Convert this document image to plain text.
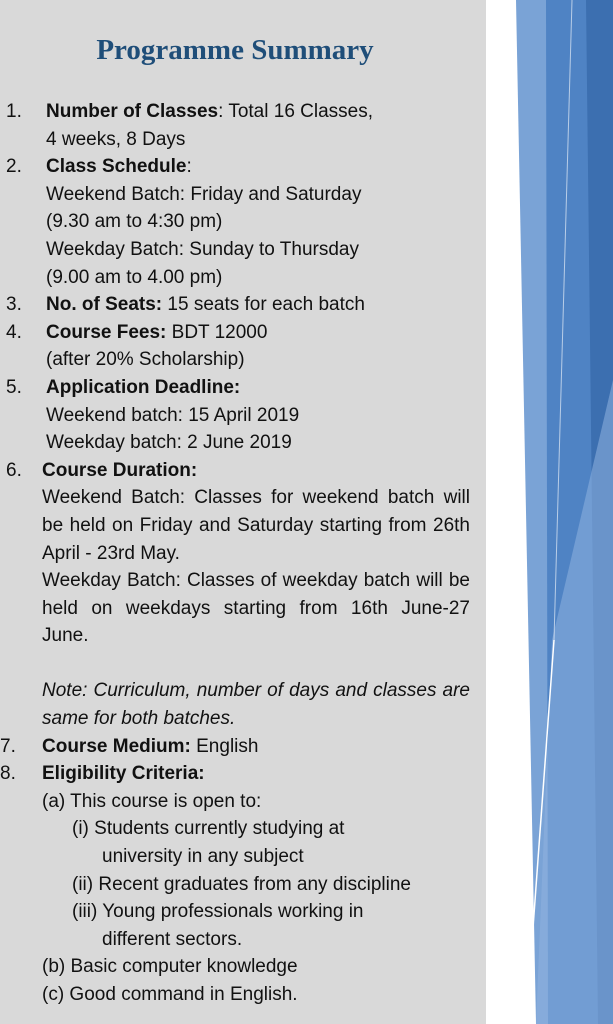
Programme Summary
1. Number of Classes: Total 16 Classes,
4 weeks, 8 Days
2. Class Schedule:
Weekend Batch: Friday and Saturday
(9.30 am to 4:30 pm)
Weekday Batch: Sunday to Thursday
(9.00 am to 4.00 pm)
3. No. of Seats: 15 seats for each batch
4. Course Fees: BDT 12000
(after 20% Scholarship)
5. Application Deadline:
Weekend batch: 15 April 2019
Weekday batch: 2 June 2019
6. Course Duration:
Weekend Batch: Classes for weekend batch will be held on Friday and Saturday starting from 26th April - 23rd May.
Weekday Batch: Classes of weekday batch will be held on weekdays starting from 16th June-27 June.
Note: Curriculum, number of days and classes are same for both batches.
7. Course Medium: English
8. Eligibility Criteria:
(a) This course is open to:
(i) Students currently studying at
university in any subject
(ii) Recent graduates from any discipline
(iii) Young professionals working in
different sectors.
(b) Basic computer knowledge
(c) Good command in English.
